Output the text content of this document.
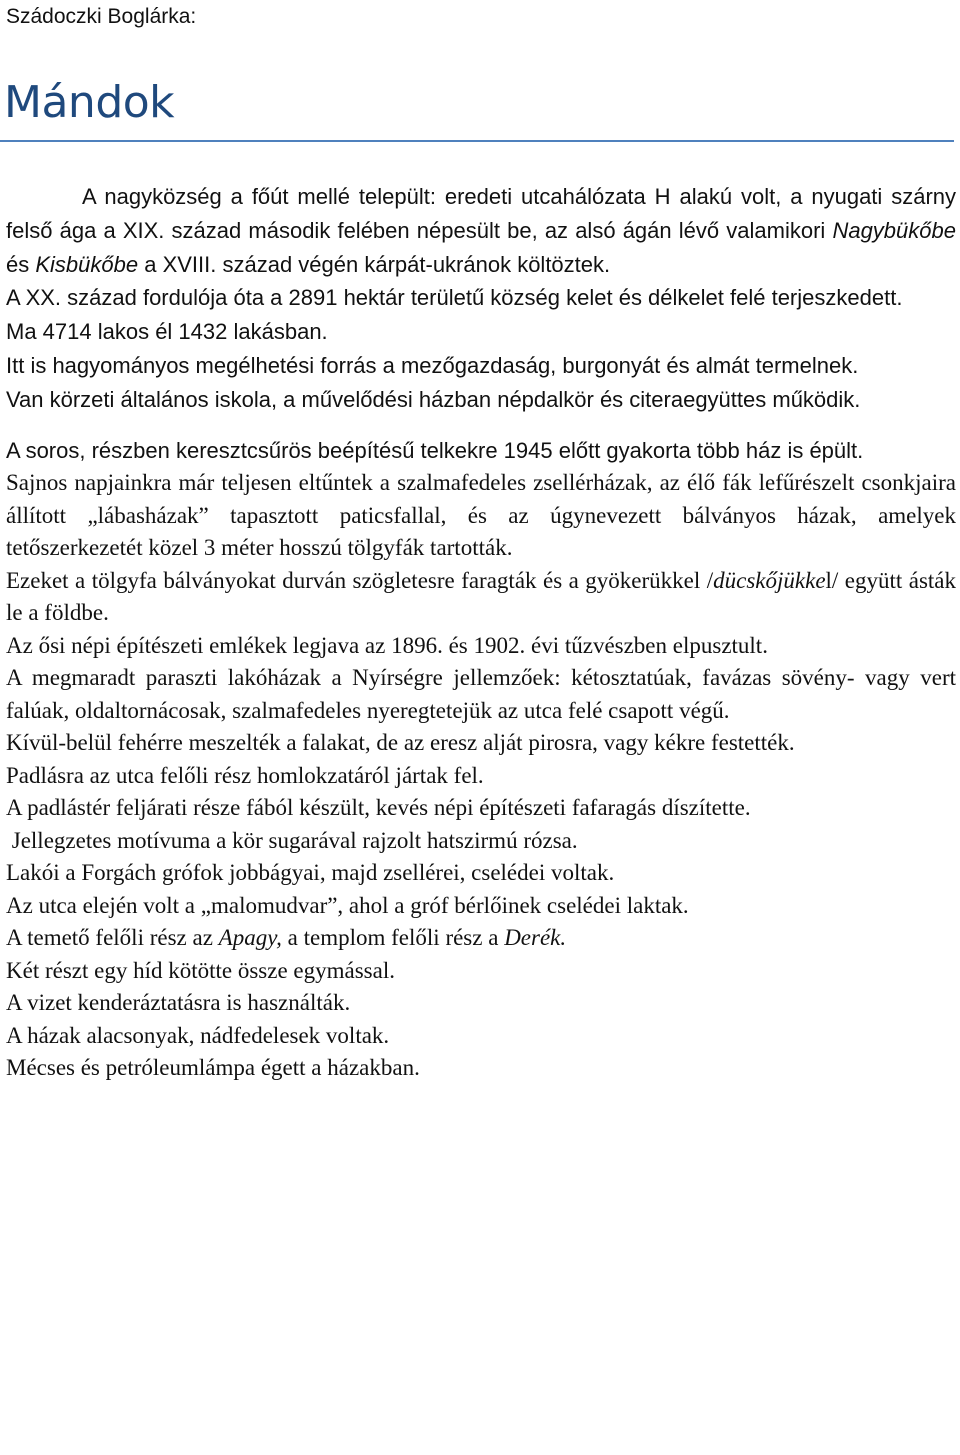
Szádoczki Boglárka:
Mándok

A nagyközség a főút mellé települt: eredeti utcahálózata H alakú volt, a nyugati szárny felső ága a XIX. század második felében népesült be, az alsó ágán lévő valamikori Nagybükőbe és Kisbükőbe a XVIII. század végén kárpát-ukránok költöztek.

A XX. század fordulója óta a 2891 hektár területű község kelet és délkelet felé terjeszkedett.

Ma 4714 lakos él 1432 lakásban.

Itt is hagyományos megélhetési forrás a mezőgazdaság, burgonyát és almát termelnek.

Van körzeti általános iskola, a művelődési házban népdalkör és citeraegyüttes működik.

A soros, részben keresztcsűrös beépítésű telkekre 1945 előtt gyakorta több ház is épült.

Sajnos napjainkra már teljesen eltűntek a szalmafedeles zsellérházak, az élő fák lefűrészelt csonkjaira állított „lábasházak” tapasztott paticsfallal, és az úgynevezett bálványos házak, amelyek tetőszerkezetét közel 3 méter hosszú tölgyfák tartották.

Ezeket a tölgyfa bálványokat durván szögletesre faragták és a gyökerükkel /dücskőjükkel/ együtt ásták le a földbe.

Az ősi népi építészeti emlékek legjava az 1896. és 1902. évi tűzvészben elpusztult.

A megmaradt paraszti lakóházak a Nyírségre jellemzőek: kétosztatúak, favázas sövény- vagy vert falúak, oldaltornácosak, szalmafedeles nyeregtetejük az utca felé csapott végű.

Kívül-belül fehérre meszelték a falakat, de az eresz alját pirosra, vagy kékre festették.

Padlásra az utca felőli rész homlokzatáról jártak fel.

A padlástér feljárati része fából készült, kevés népi építészeti fafaragás díszítette.

Jellegzetes motívuma a kör sugarával rajzolt hatszirmú rózsa.

Lakói a Forgách grófok jobbágyai, majd zsellérei, cselédei voltak.

Az utca elején volt a „malomudvar”, ahol a gróf bérlőinek cselédei laktak.

A temető felőli rész az Apagy, a templom felőli rész a Derék.

Két részt egy híd kötötte össze egymással.

A vizet kenderáztatásra is használták.

A házak alacsonyak, nádfedelesek voltak.

Mécses és petróleumlámpa égett a házakban.
